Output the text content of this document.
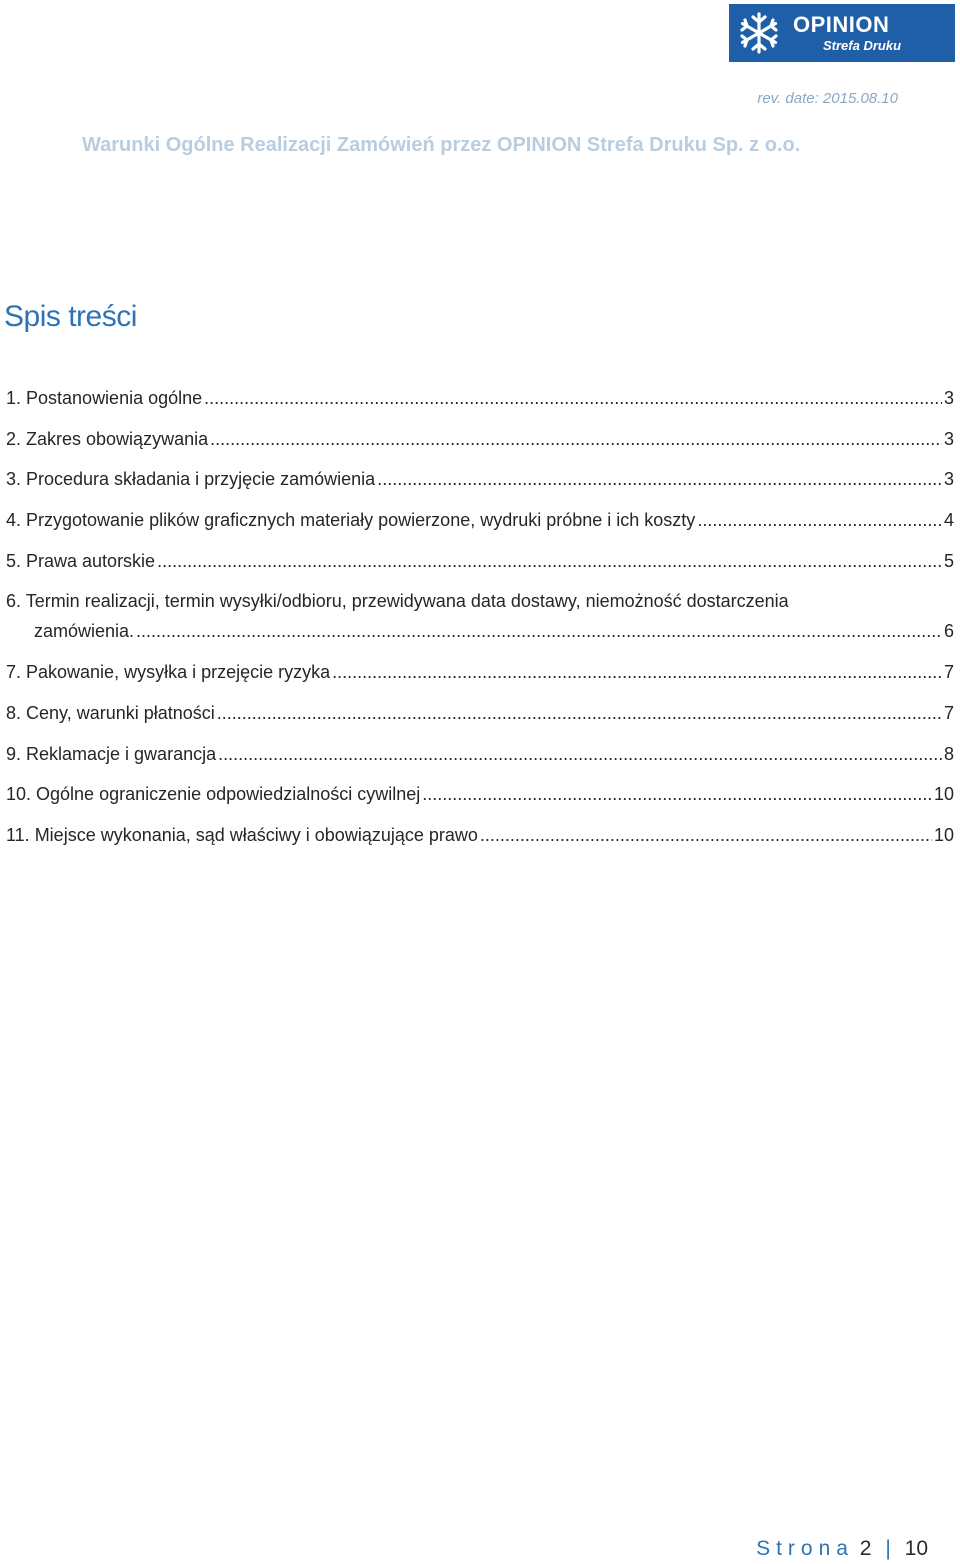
OPINION
Strefa Druku
rev. date: 2015.08.10
Warunki Ogólne Realizacji Zamówień przez OPINION Strefa Druku Sp. z o.o.
Spis treści
1. Postanowienia ogólne .....	3
2. Zakres obowiązywania .....	3
3. Procedura składania i przyjęcie zamówienia .....	3
4. Przygotowanie plików graficznych materiały powierzone, wydruki próbne i ich koszty .....	4
5. Prawa autorskie .....	5
6. Termin realizacji, termin wysyłki/odbioru, przewidywana data dostawy, niemożność dostarczenia
zamówienia. .....	6
7. Pakowanie, wysyłka i przejęcie ryzyka .....	7
8. Ceny, warunki płatności .....	7
9. Reklamacje i gwarancja .....	8
10. Ogólne ograniczenie odpowiedzialności cywilnej .....	10
11. Miejsce wykonania, sąd właściwy i obowiązujące prawo .....	10
Strona 2 | 10
